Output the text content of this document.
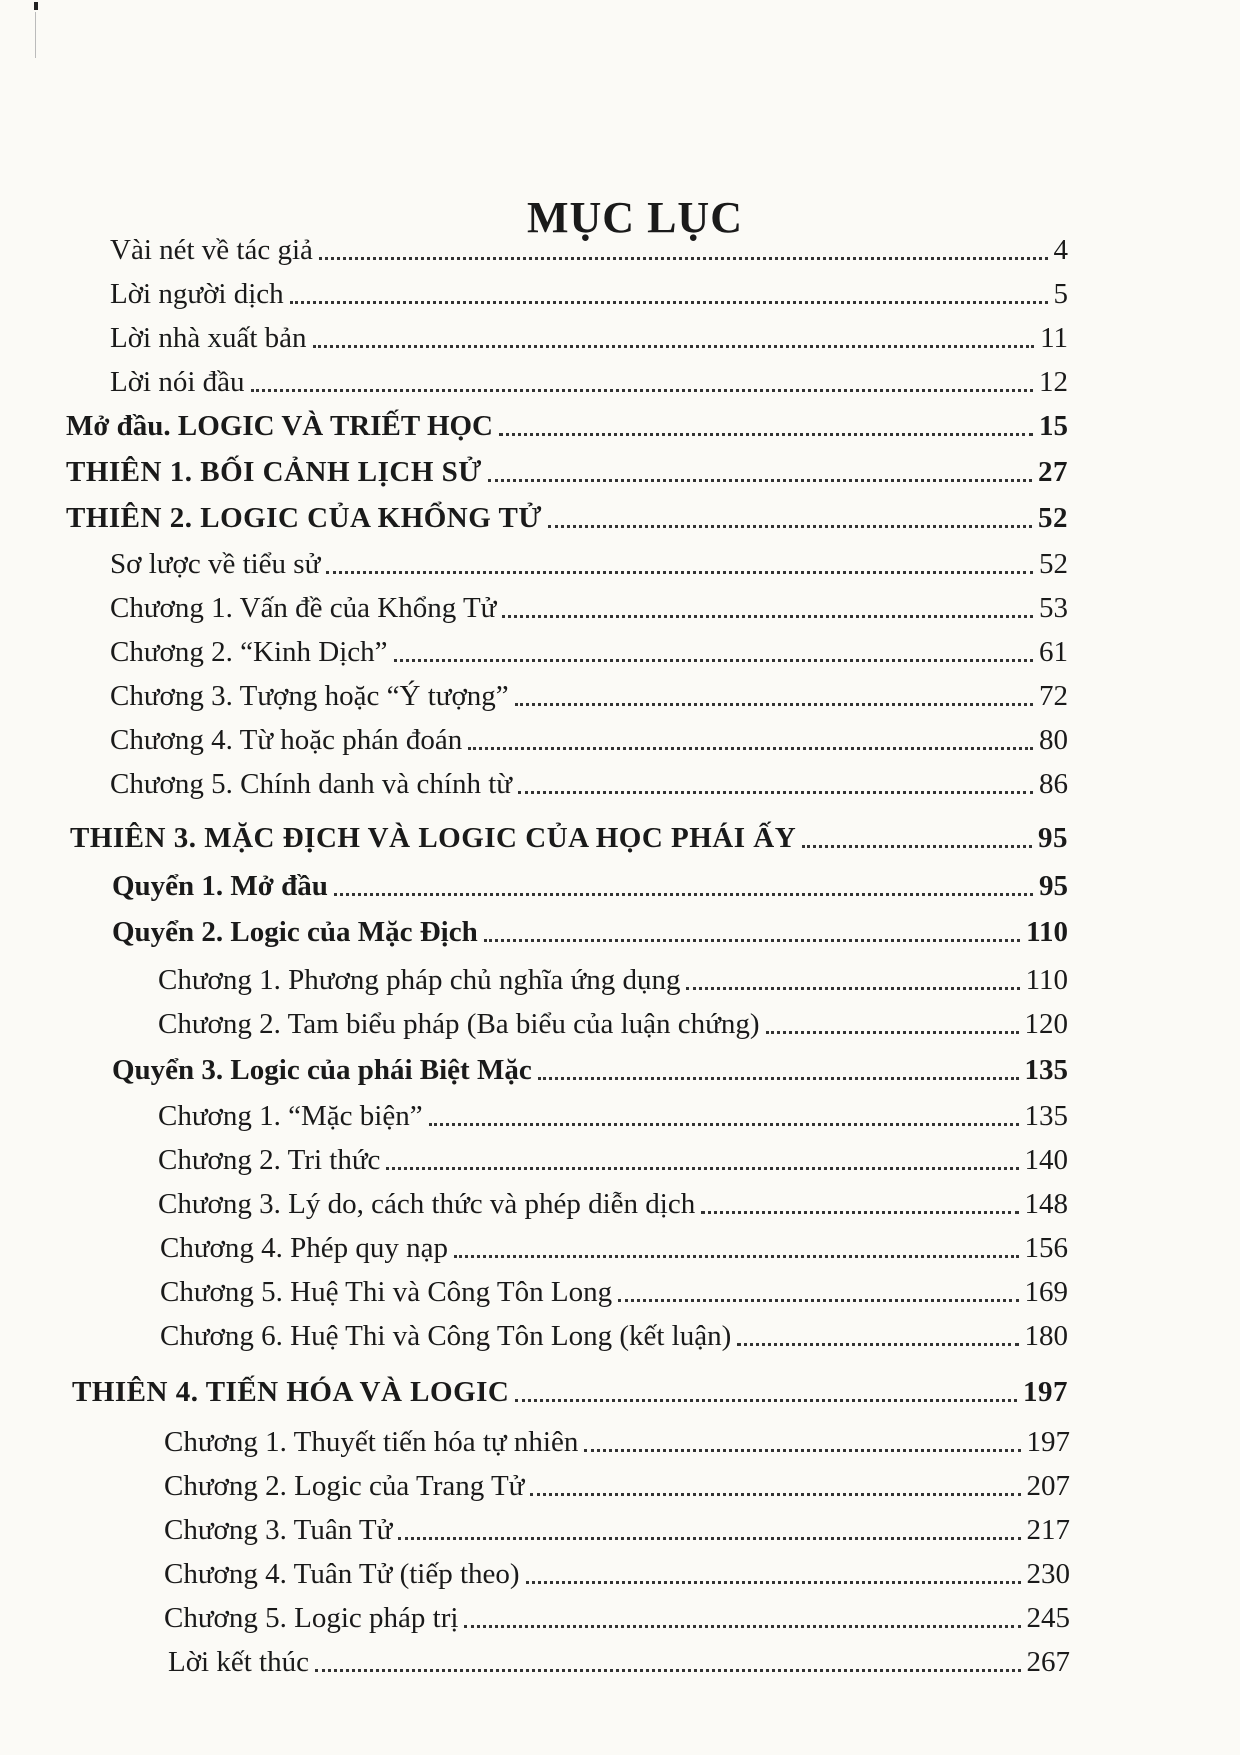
MỤC LỤC
Vài nét về tác giả	4
Lời người dịch	5
Lời nhà xuất bản	11
Lời nói đầu	12
Mở đầu. LOGIC VÀ TRIẾT HỌC	15
THIÊN 1. BỐI CẢNH LỊCH SỬ	27
THIÊN 2. LOGIC CỦA KHỔNG TỬ	52
Sơ lược về tiểu sử	52
Chương 1. Vấn đề của Khổng Tử	53
Chương 2. “Kinh Dịch”	61
Chương 3. Tượng hoặc “Ý tượng”	72
Chương 4. Từ hoặc phán đoán	80
Chương 5. Chính danh và chính từ	86
THIÊN 3. MẶC ĐỊCH VÀ LOGIC CỦA HỌC PHÁI ẤY	95
Quyển 1. Mở đầu	95
Quyển 2. Logic của Mặc Địch	110
Chương 1. Phương pháp chủ nghĩa ứng dụng	110
Chương 2. Tam biểu pháp (Ba biểu của luận chứng)	120
Quyển 3. Logic của phái Biệt Mặc	135
Chương 1. “Mặc biện”	135
Chương 2. Tri thức	140
Chương 3. Lý do, cách thức và phép diễn dịch	148
Chương 4. Phép quy nạp	156
Chương 5. Huệ Thi và Công Tôn Long	169
Chương 6. Huệ Thi và Công Tôn Long (kết luận)	180
THIÊN 4. TIẾN HÓA VÀ LOGIC	197
Chương 1. Thuyết tiến hóa tự nhiên	197
Chương 2. Logic của Trang Tử	207
Chương 3. Tuân Tử	217
Chương 4. Tuân Tử (tiếp theo)	230
Chương 5. Logic pháp trị	245
Lời kết thúc	267
